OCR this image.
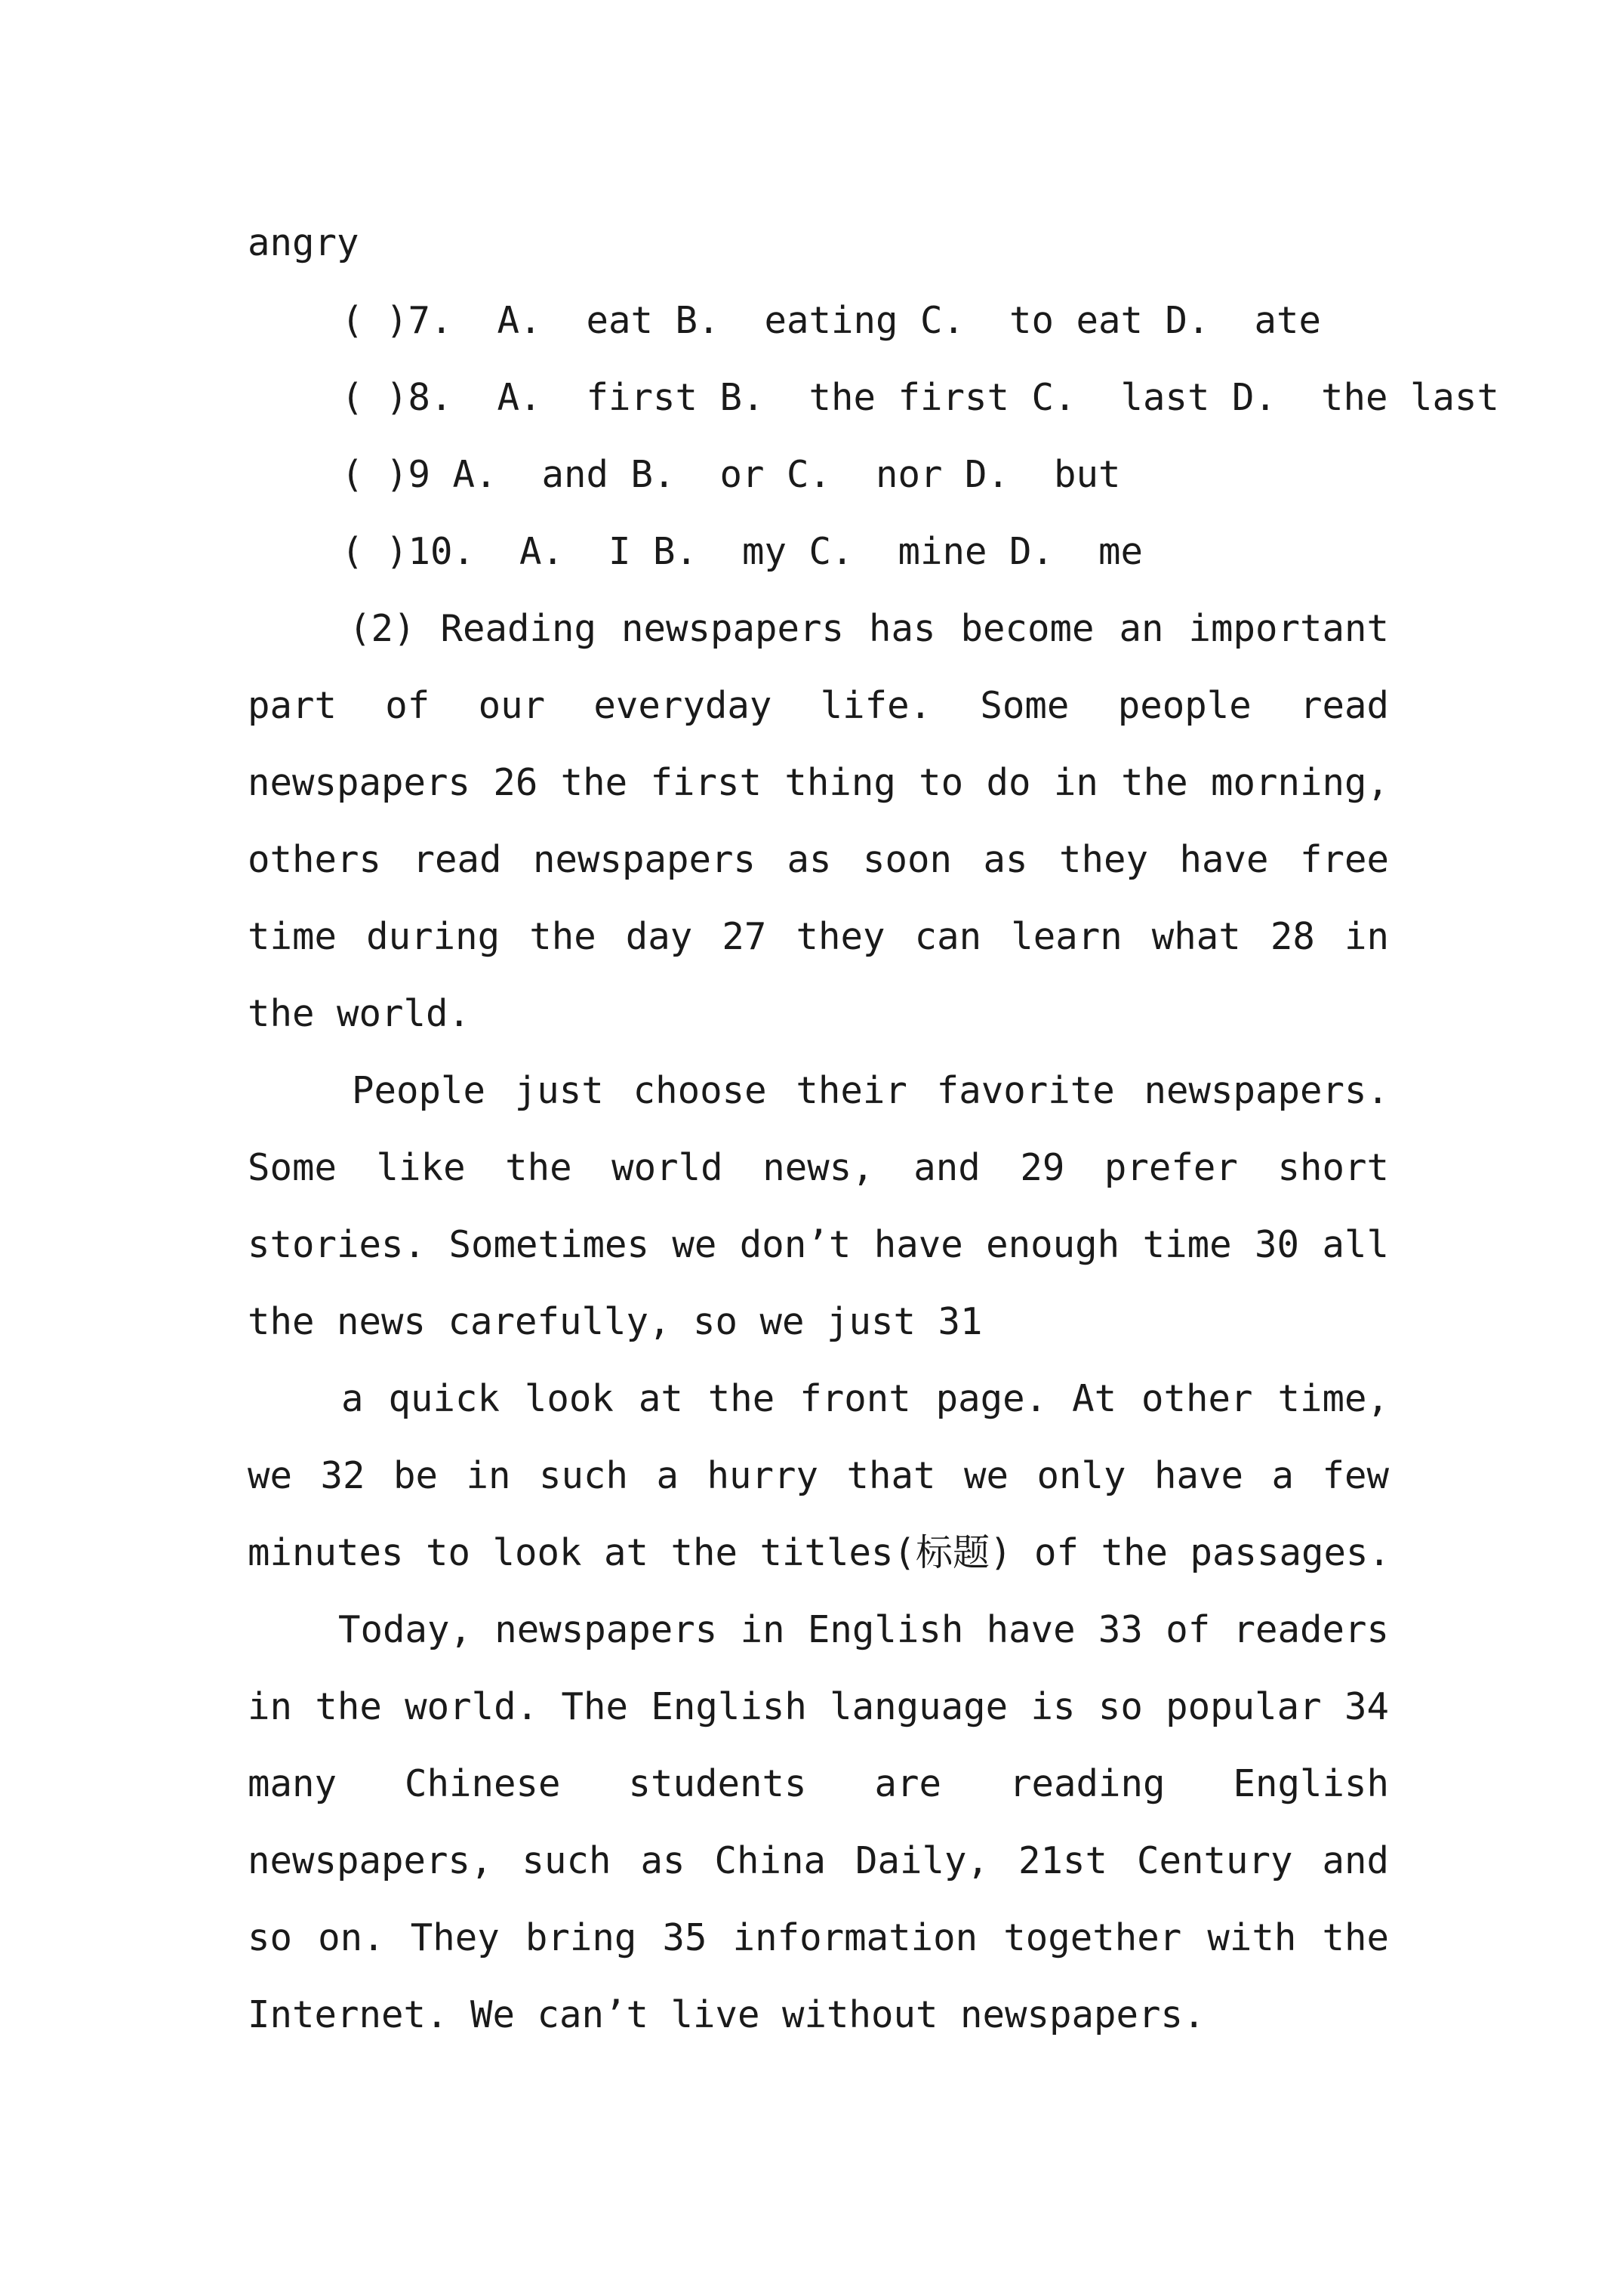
angry
( )7.  A.  eat B.  eating C.  to eat D.  ate
( )8.  A.  first B.  the first C.  last D.  the last
( )9 A.  and B.  or C.  nor D.  but
( )10.  A.  I B.  my C.  mine D.  me
(2) Reading newspapers has become an important
part of our everyday life. Some people read
newspapers 26 the first thing to do in the morning,
others read newspapers as soon as they have free
time during the day 27 they can learn what 28 in
the world.
People just choose their favorite newspapers.
Some like the world news, and 29 prefer short
stories. Sometimes we don’t have enough time 30 all
the news carefully, so we just 31
a quick look at the front page. At other time,
we 32 be in such a hurry that we only have a few
minutes to look at the titles(标题) of the passages.
Today, newspapers in English have 33 of readers
in the world. The English language is so popular 34
many Chinese students are reading English
newspapers, such as China Daily, 21st Century and
so on. They bring 35 information together with the
Internet. We can’t live without newspapers.
